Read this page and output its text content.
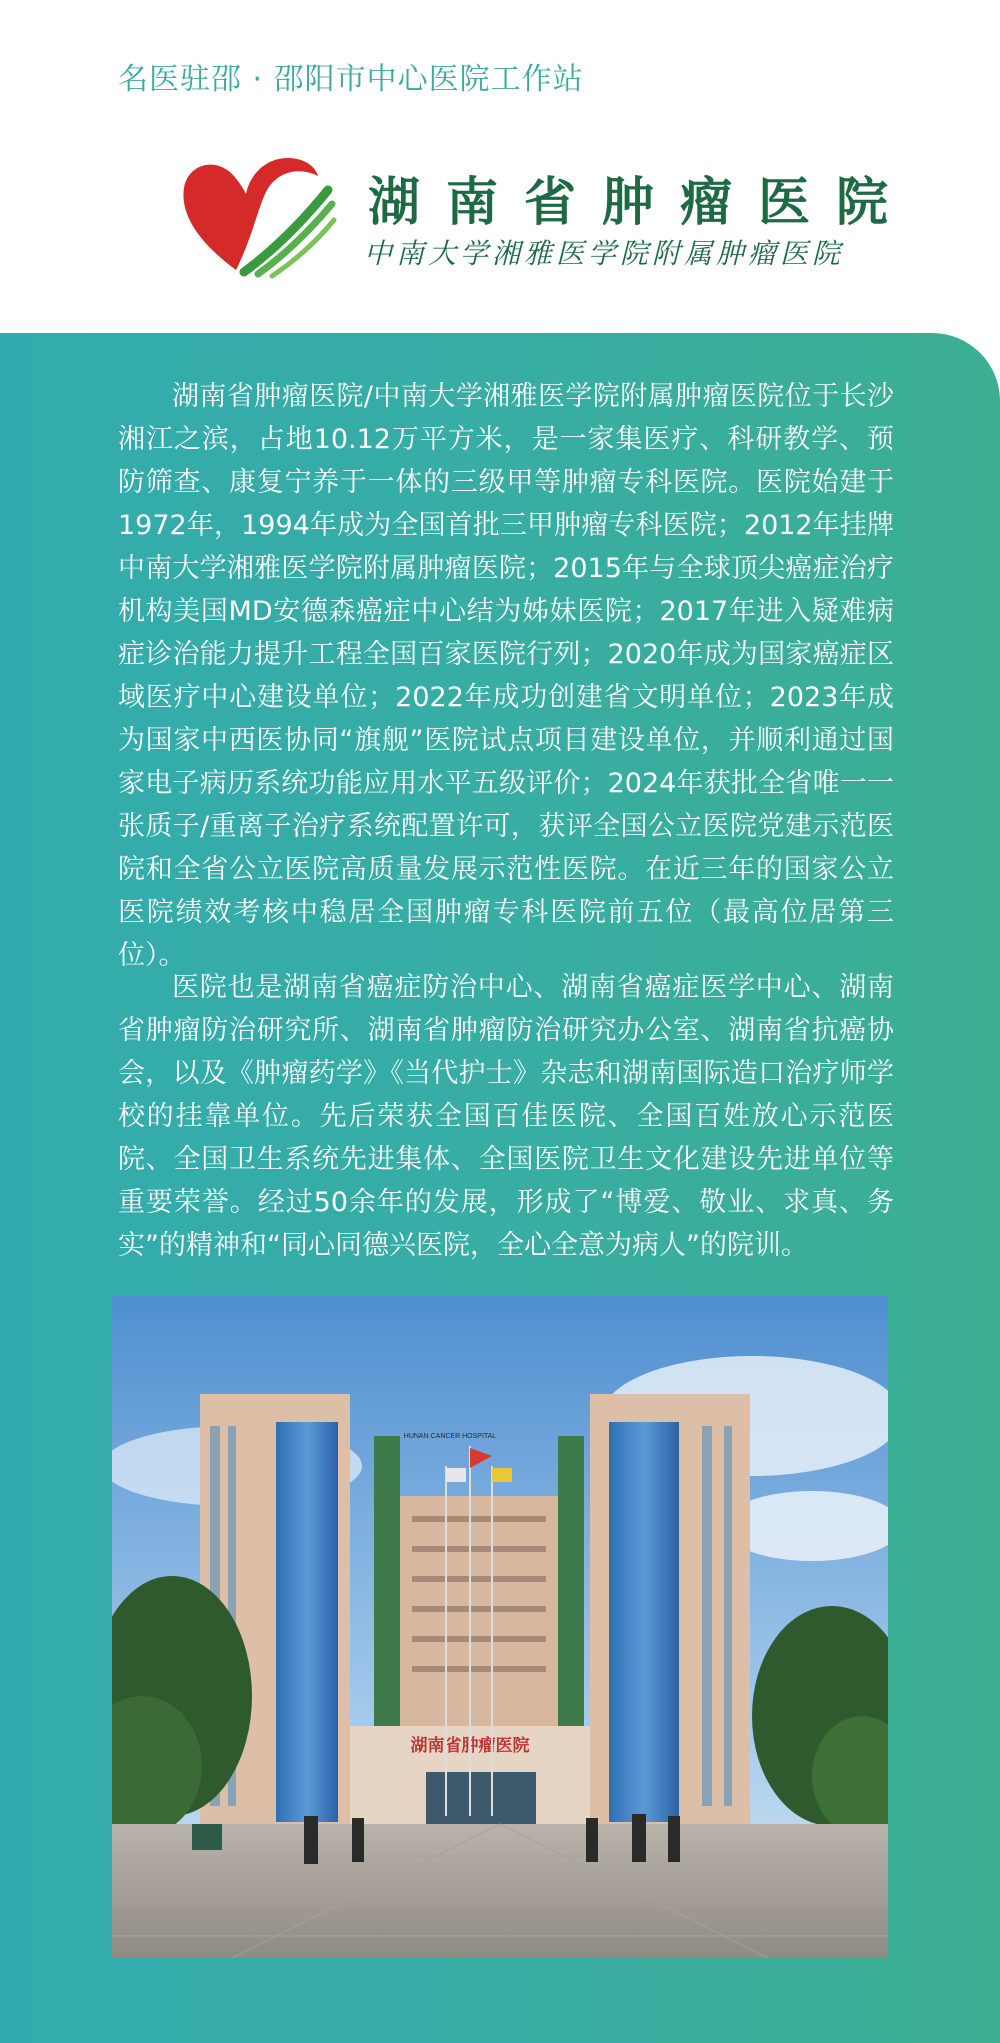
名医驻邵 · 邵阳市中心医院工作站
湖南省肿瘤医院
中南大学湘雅医学院附属肿瘤医院

湖南省肿瘤医院/中南大学湘雅医学院附属肿瘤医院位于长沙湘江之滨，占地10.12万平方米，是一家集医疗、科研教学、预防筛查、康复宁养于一体的三级甲等肿瘤专科医院。医院始建于1972年，1994年成为全国首批三甲肿瘤专科医院；2012年挂牌中南大学湘雅医学院附属肿瘤医院；2015年与全球顶尖癌症治疗机构美国MD安德森癌症中心结为姊妹医院；2017年进入疑难病症诊治能力提升工程全国百家医院行列；2020年成为国家癌症区域医疗中心建设单位；2022年成功创建省文明单位；2023年成为国家中西医协同“旗舰”医院试点项目建设单位，并顺利通过国家电子病历系统功能应用水平五级评价；2024年获批全省唯一一张质子/重离子治疗系统配置许可，获评全国公立医院党建示范医院和全省公立医院高质量发展示范性医院。在近三年的国家公立医院绩效考核中稳居全国肿瘤专科医院前五位（最高位居第三位）。

医院也是湖南省癌症防治中心、湖南省癌症医学中心、湖南省肿瘤防治研究所、湖南省肿瘤防治研究办公室、湖南省抗癌协会，以及《肿瘤药学》《当代护士》杂志和湖南国际造口治疗师学校的挂靠单位。先后荣获全国百佳医院、全国百姓放心示范医院、全国卫生系统先进集体、全国医院卫生文化建设先进单位等重要荣誉。经过50余年的发展，形成了“博爱、敬业、求真、务实”的精神和“同心同德兴医院，全心全意为病人”的院训。

湖南省肿瘤医院
HUNAN CANCER HOSPITAL
